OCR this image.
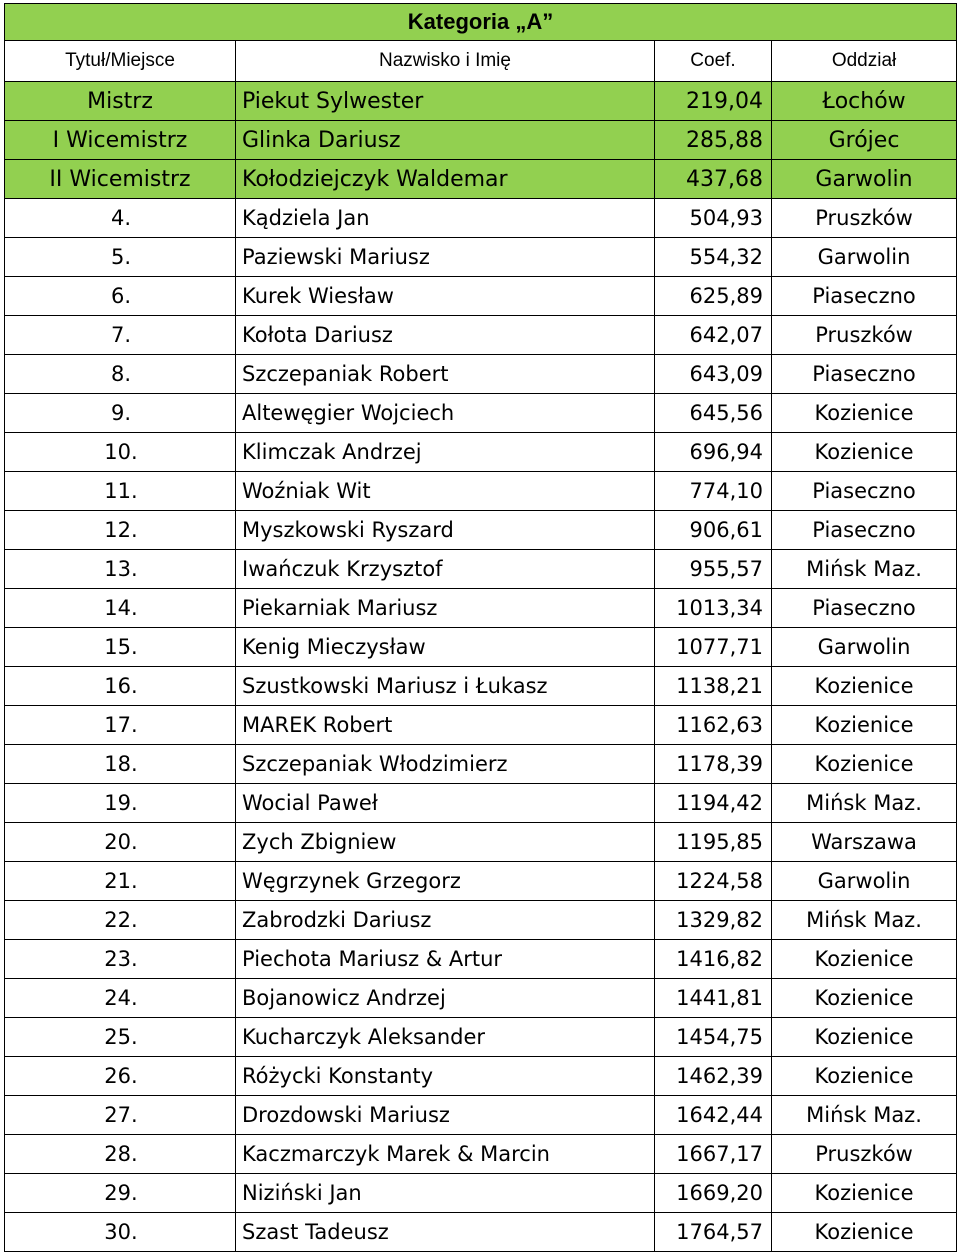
Kategoria „A”			
Tytuł/Miejsce	Nazwisko i Imię	Coef.	Oddział
Mistrz	Piekut Sylwester	219,04	Łochów
I Wicemistrz	Glinka Dariusz	285,88	Grójec
II Wicemistrz	Kołodziejczyk Waldemar	437,68	Garwolin
4.	Kądziela Jan	504,93	Pruszków
5.	Paziewski Mariusz	554,32	Garwolin
6.	Kurek Wiesław	625,89	Piaseczno
7.	Kołota Dariusz	642,07	Pruszków
8.	Szczepaniak Robert	643,09	Piaseczno
9.	Altewęgier Wojciech	645,56	Kozienice
10.	Klimczak Andrzej	696,94	Kozienice
11.	Woźniak Wit	774,10	Piaseczno
12.	Myszkowski Ryszard	906,61	Piaseczno
13.	Iwańczuk Krzysztof	955,57	Mińsk Maz.
14.	Piekarniak Mariusz	1013,34	Piaseczno
15.	Kenig Mieczysław	1077,71	Garwolin
16.	Szustkowski Mariusz i Łukasz	1138,21	Kozienice
17.	MAREK Robert	1162,63	Kozienice
18.	Szczepaniak Włodzimierz	1178,39	Kozienice
19.	Wocial Paweł	1194,42	Mińsk Maz.
20.	Zych Zbigniew	1195,85	Warszawa
21.	Węgrzynek Grzegorz	1224,58	Garwolin
22.	Zabrodzki Dariusz	1329,82	Mińsk Maz.
23.	Piechota Mariusz & Artur	1416,82	Kozienice
24.	Bojanowicz Andrzej	1441,81	Kozienice
25.	Kucharczyk Aleksander	1454,75	Kozienice
26.	Różycki Konstanty	1462,39	Kozienice
27.	Drozdowski Mariusz	1642,44	Mińsk Maz.
28.	Kaczmarczyk Marek & Marcin	1667,17	Pruszków
29.	Niziński Jan	1669,20	Kozienice
30.	Szast Tadeusz	1764,57	Kozienice
